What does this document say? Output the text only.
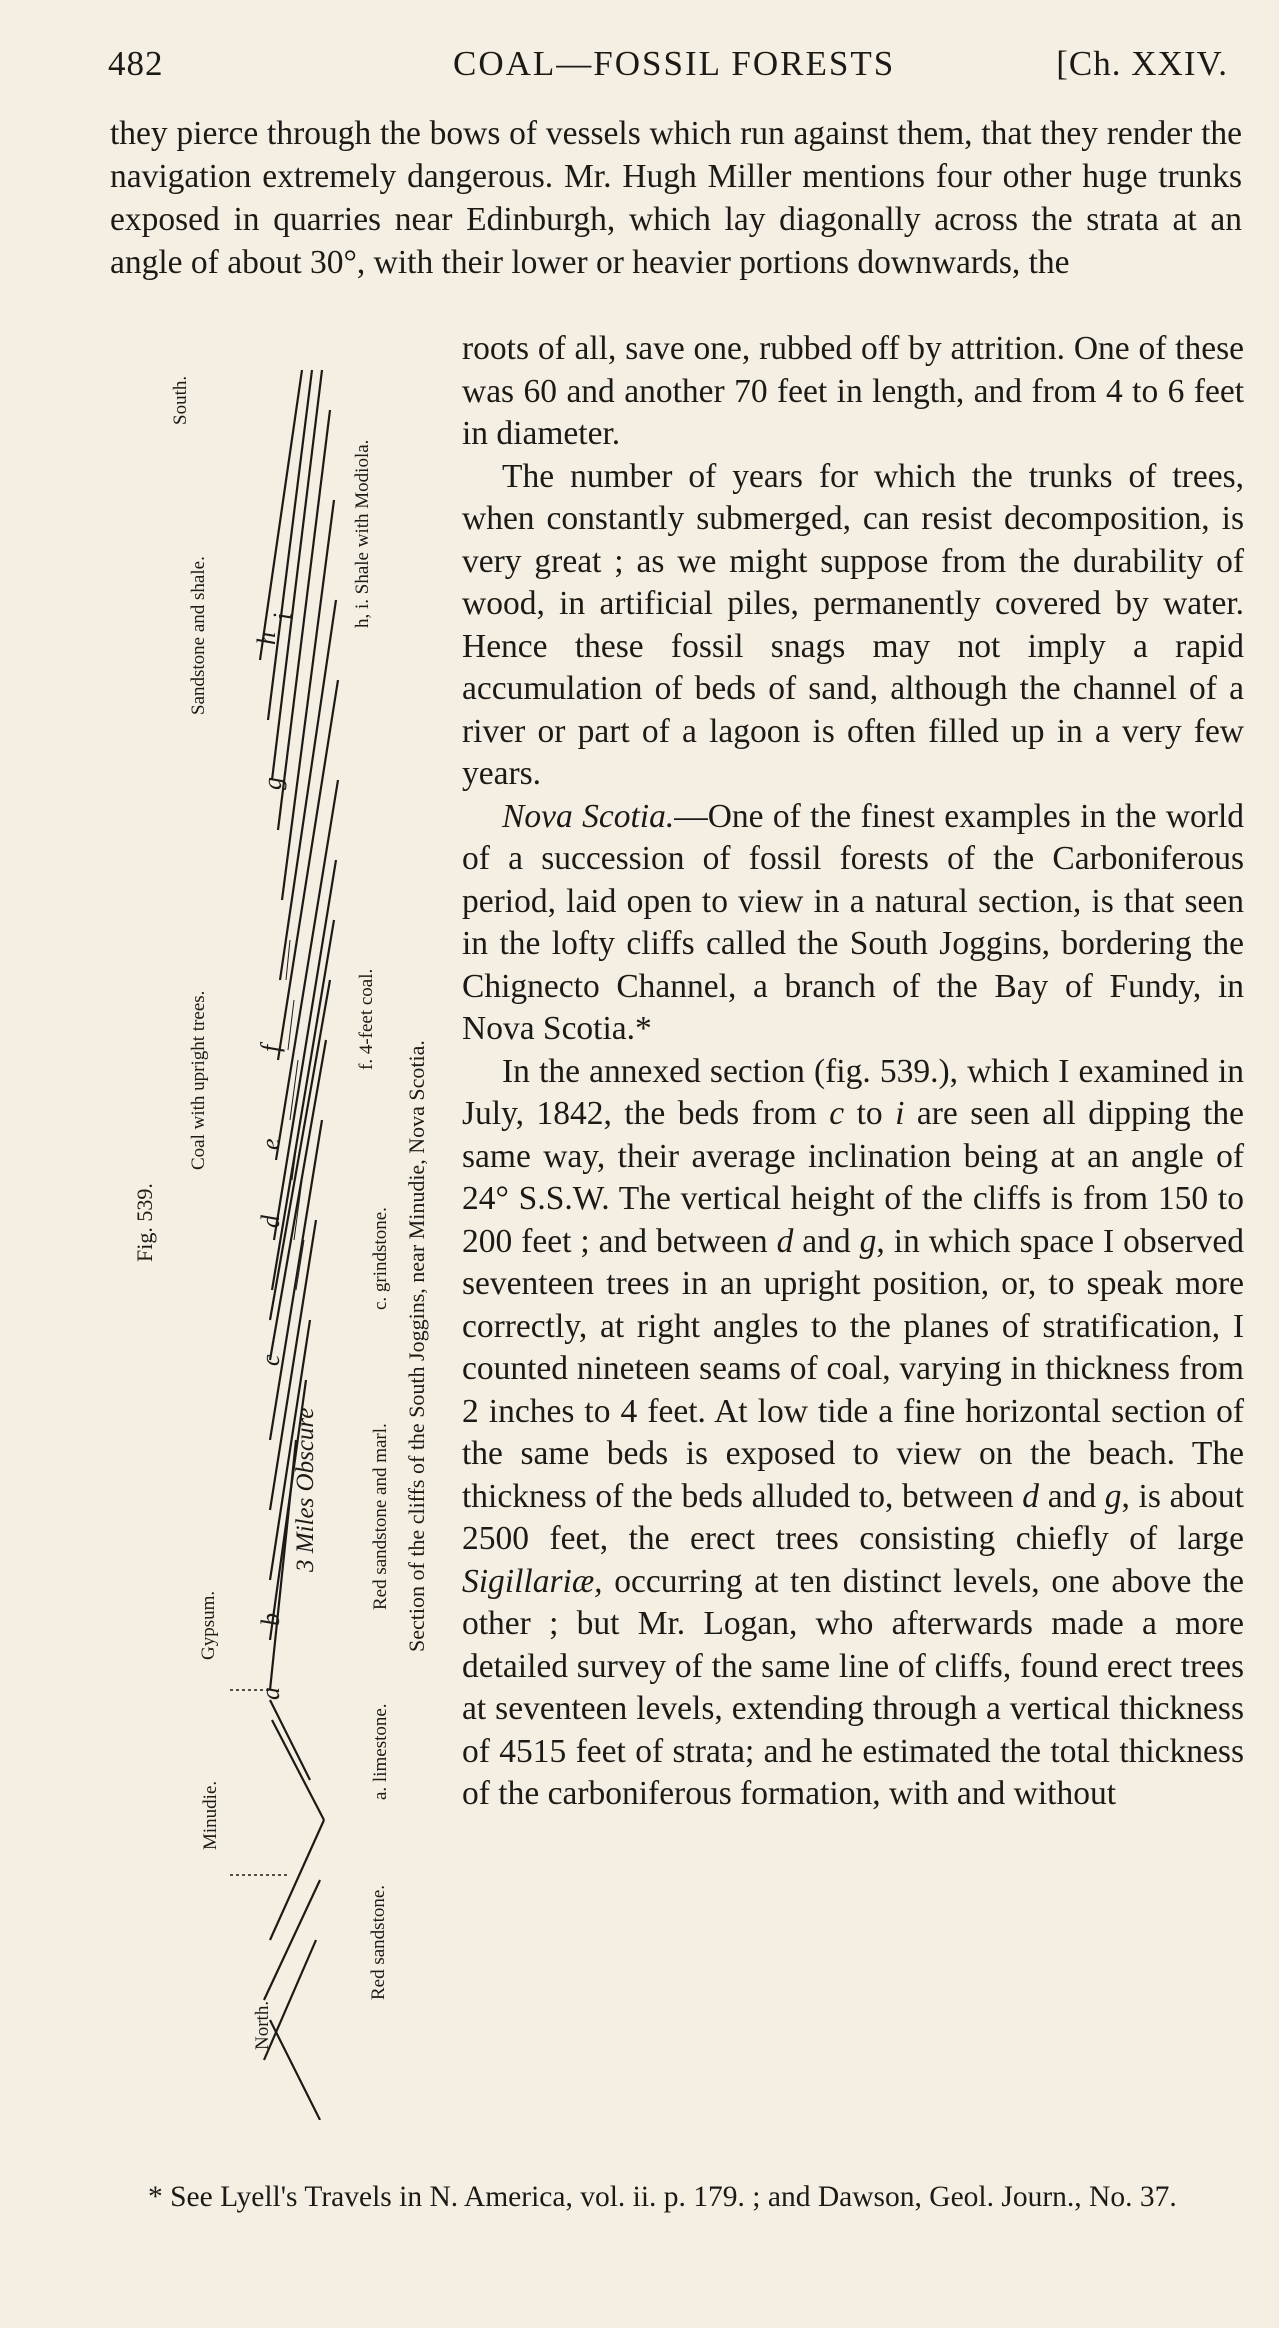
482	COAL—FOSSIL FORESTS	[Ch. XXIV.
they pierce through the bows of vessels which run against them, that they render the navigation extremely dangerous. Mr. Hugh Miller mentions four other huge trunks exposed in quarries near Edinburgh, which lay diagonally across the strata at an angle of about 30°, with their lower or heavier portions downwards, the

roots of all, save one, rubbed off by attrition. One of these was 60 and another 70 feet in length, and from 4 to 6 feet in diameter.

The number of years for which the trunks of trees, when constantly submerged, can resist decomposition, is very great ; as we might suppose from the durability of wood, in artificial piles, permanently covered by water. Hence these fossil snags may not imply a rapid accumulation of beds of sand, although the channel of a river or part of a lagoon is often filled up in a very few years.

Nova Scotia.—One of the finest examples in the world of a succession of fossil forests of the Carboniferous period, laid open to view in a natural section, is that seen in the lofty cliffs called the South Joggins, bordering the Chignecto Channel, a branch of the Bay of Fundy, in Nova Scotia.*

In the annexed section (fig. 539.), which I examined in July, 1842, the beds from c to i are seen all dipping the same way, their average inclination being at an angle of 24° S.S.W. The vertical height of the cliffs is from 150 to 200 feet ; and between d and g, in which space I observed seventeen trees in an upright position, or, to speak more correctly, at right angles to the planes of stratification, I counted nineteen seams of coal, varying in thickness from 2 inches to 4 feet. At low tide a fine horizontal section of the same beds is exposed to view on the beach. The thickness of the beds alluded to, between d and g, is about 2500 feet, the erect trees consisting chiefly of large Sigillariæ, occurring at ten distinct levels, one above the other ; but Mr. Logan, who afterwards made a more detailed survey of the same line of cliffs, found erect trees at seventeen levels, extending through a vertical thickness of 4515 feet of strata; and he estimated the total thickness of the carboniferous formation, with and without

Fig. 539.
South.
Sandstone and shale.
Coal with upright trees.
Gypsum.
Minudie.
North.
h, i. Shale with Modiola.
f. 4-feet coal.
c. grindstone.
Red sandstone and marl.
a. limestone.
Red sandstone.
Section of the cliffs of the South Joggins, near Minudie, Nova Scotia.
i
h
g
f
e
d
c
b
a
3 Miles Obscure
* See Lyell's Travels in N. America, vol. ii. p. 179. ; and Dawson, Geol. Journ., No. 37.
